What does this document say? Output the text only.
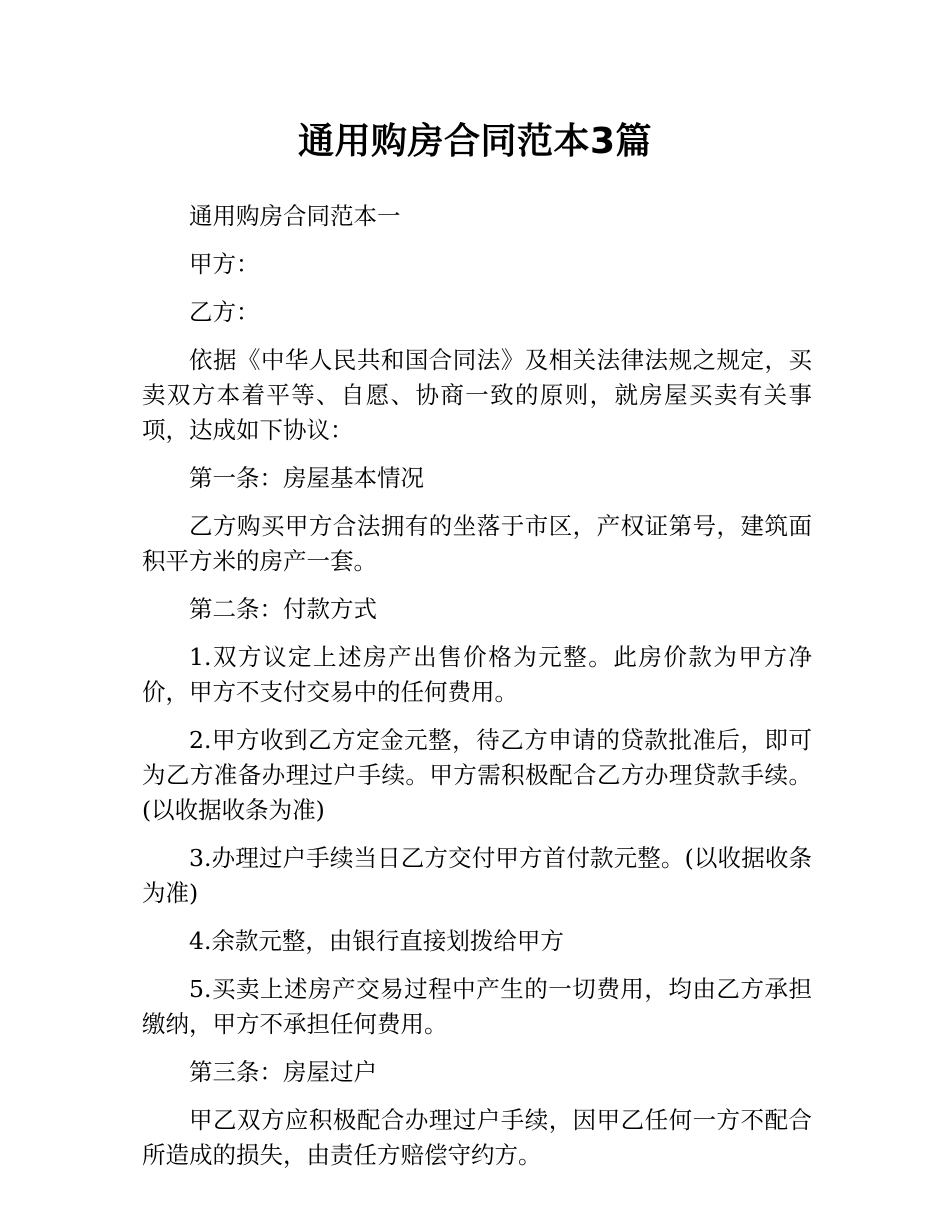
通用购房合同范本3篇

通用购房合同范本一

甲方：

乙方：

依据《中华人民共和国合同法》及相关法律法规之规定，买卖双方本着平等、自愿、协商一致的原则，就房屋买卖有关事项，达成如下协议：

第一条：房屋基本情况

乙方购买甲方合法拥有的坐落于市区，产权证第号，建筑面积平方米的房产一套。

第二条：付款方式

1.双方议定上述房产出售价格为元整。此房价款为甲方净价，甲方不支付交易中的任何费用。

2.甲方收到乙方定金元整，待乙方申请的贷款批准后，即可为乙方准备办理过户手续。甲方需积极配合乙方办理贷款手续。(以收据收条为准)

3.办理过户手续当日乙方交付甲方首付款元整。(以收据收条为准)

4.余款元整，由银行直接划拨给甲方

5.买卖上述房产交易过程中产生的一切费用，均由乙方承担缴纳，甲方不承担任何费用。

第三条：房屋过户

甲乙双方应积极配合办理过户手续，因甲乙任何一方不配合所造成的损失，由责任方赔偿守约方。
